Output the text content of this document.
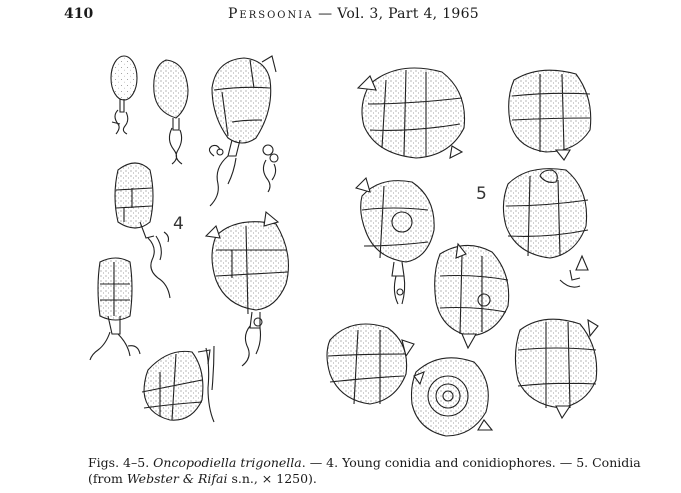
410	Persoonia — Vol. 3, Part 4, 1965
4
5
Figs. 4–5. Oncopodiella trigonella. — 4. Young conidia and conidiophores. — 5. Conidia
(from Webster & Rifai s.n., × 1250).
